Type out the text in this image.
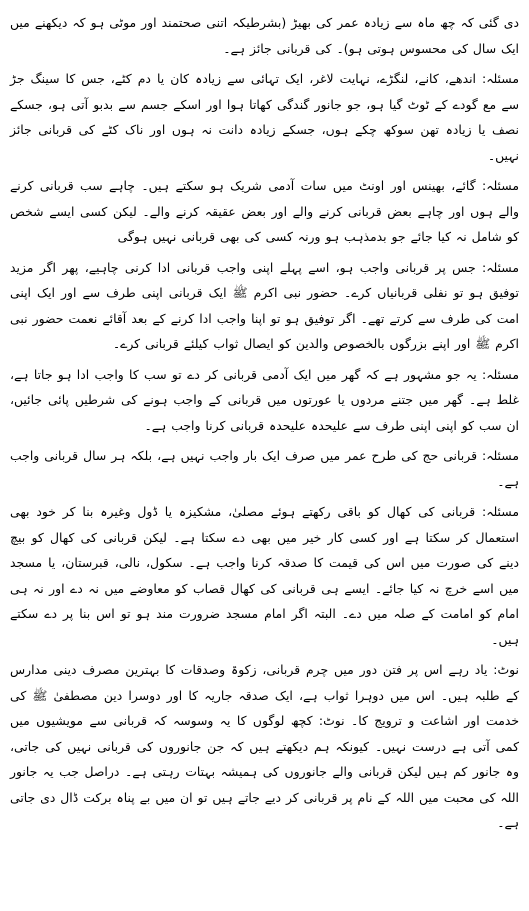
دی گئی کہ چھ ماہ سے زیادہ عمر کی بھیڑ (بشرطیکہ اتنی صحتمند اور موٹی ہو کہ دیکھنے میں ایک سال کی محسوس ہوتی ہو)۔ کی قربانی جائز ہے۔

مسئلہ: اندھے، کانے، لنگڑے، نہایت لاغر، ایک تہائی سے زیادہ کان یا دم کٹے، جس کا سینگ جڑ سے مع گودے کے ٹوٹ گیا ہو، جو جانور گندگی کھاتا ہوا اور اسکے جسم سے بدبو آتی ہو، جسکے نصف یا زیادہ تھن سوکھ چکے ہوں، جسکے زیادہ دانت نہ ہوں اور ناک کٹے کی قربانی جائز نہیں۔

مسئلہ: گائے، بھینس اور اونٹ میں سات آدمی شریک ہو سکتے ہیں۔ چاہے سب قربانی کرنے والے ہوں اور چاہے بعض قربانی کرنے والے اور بعض عقیقہ کرنے والے۔ لیکن کسی ایسے شخص کو شامل نہ کیا جائے جو بدمذہب ہو ورنہ کسی کی بھی قربانی نہیں ہوگی

مسئلہ: جس پر قربانی واجب ہو، اسے پہلے اپنی واجب قربانی ادا کرنی چاہیے، پھر اگر مزید توفیق ہو تو نفلی قربانیاں کرے۔ حضور نبی اکرم ﷺ ایک قربانی اپنی طرف سے اور ایک اپنی امت کی طرف سے کرتے تھے۔ اگر توفیق ہو تو اپنا واجب ادا کرنے کے بعد آقائے نعمت حضور نبی اکرم ﷺ اور اپنے بزرگوں بالخصوص والدین کو ایصال ثواب کیلئے قربانی کرے۔

مسئلہ: یہ جو مشہور ہے کہ گھر میں ایک آدمی قربانی کر دے تو سب کا واجب ادا ہو جاتا ہے، غلط ہے۔ گھر میں جتنے مردوں یا عورتوں میں قربانی کے واجب ہونے کی شرطیں پائی جائیں، ان سب کو اپنی اپنی طرف سے علیحدہ علیحدہ قربانی کرنا واجب ہے۔

مسئلہ: قربانی حج کی طرح عمر میں صرف ایک بار واجب نہیں ہے، بلکہ ہر سال قربانی واجب ہے۔

مسئلہ: قربانی کی کھال کو باقی رکھتے ہوئے مصلیٰ، مشکیزہ یا ڈول وغیرہ بنا کر خود بھی استعمال کر سکتا ہے اور کسی کار خیر میں بھی دے سکتا ہے۔ لیکن قربانی کی کھال کو بیچ دینے کی صورت میں اس کی قیمت کا صدقہ کرنا واجب ہے۔ سکول، نالی، قبرستان، یا مسجد میں اسے خرچ نہ کیا جائے۔ ایسے ہی قربانی کی کھال قصاب کو معاوضے میں نہ دے اور نہ ہی امام کو امامت کے صلہ میں دے۔ البتہ اگر امام مسجد ضرورت مند ہو تو اس بنا پر دے سکتے ہیں۔

نوٹ: یاد رہے اس پر فتن دور میں چرم قربانی، زکوۃ وصدقات کا بہترین مصرف دینی مدارس کے طلبہ ہیں۔ اس میں دوہرا ثواب ہے، ایک صدقہ جاریہ کا اور دوسرا دین مصطفیٰ ﷺ کی خدمت اور اشاعت و ترویج کا۔ نوٹ: کچھ لوگوں کا یہ وسوسہ کہ قربانی سے مویشیوں میں کمی آتی ہے درست نہیں۔ کیونکہ ہم دیکھتے ہیں کہ جن جانوروں کی قربانی نہیں کی جاتی، وہ جانور کم ہیں لیکن قربانی والے جانوروں کی ہمیشہ بہتات رہتی ہے۔ دراصل جب یہ جانور اللہ کی محبت میں اللہ کے نام پر قربانی کر دیے جاتے ہیں تو ان میں بے پناہ برکت ڈال دی جاتی ہے۔
